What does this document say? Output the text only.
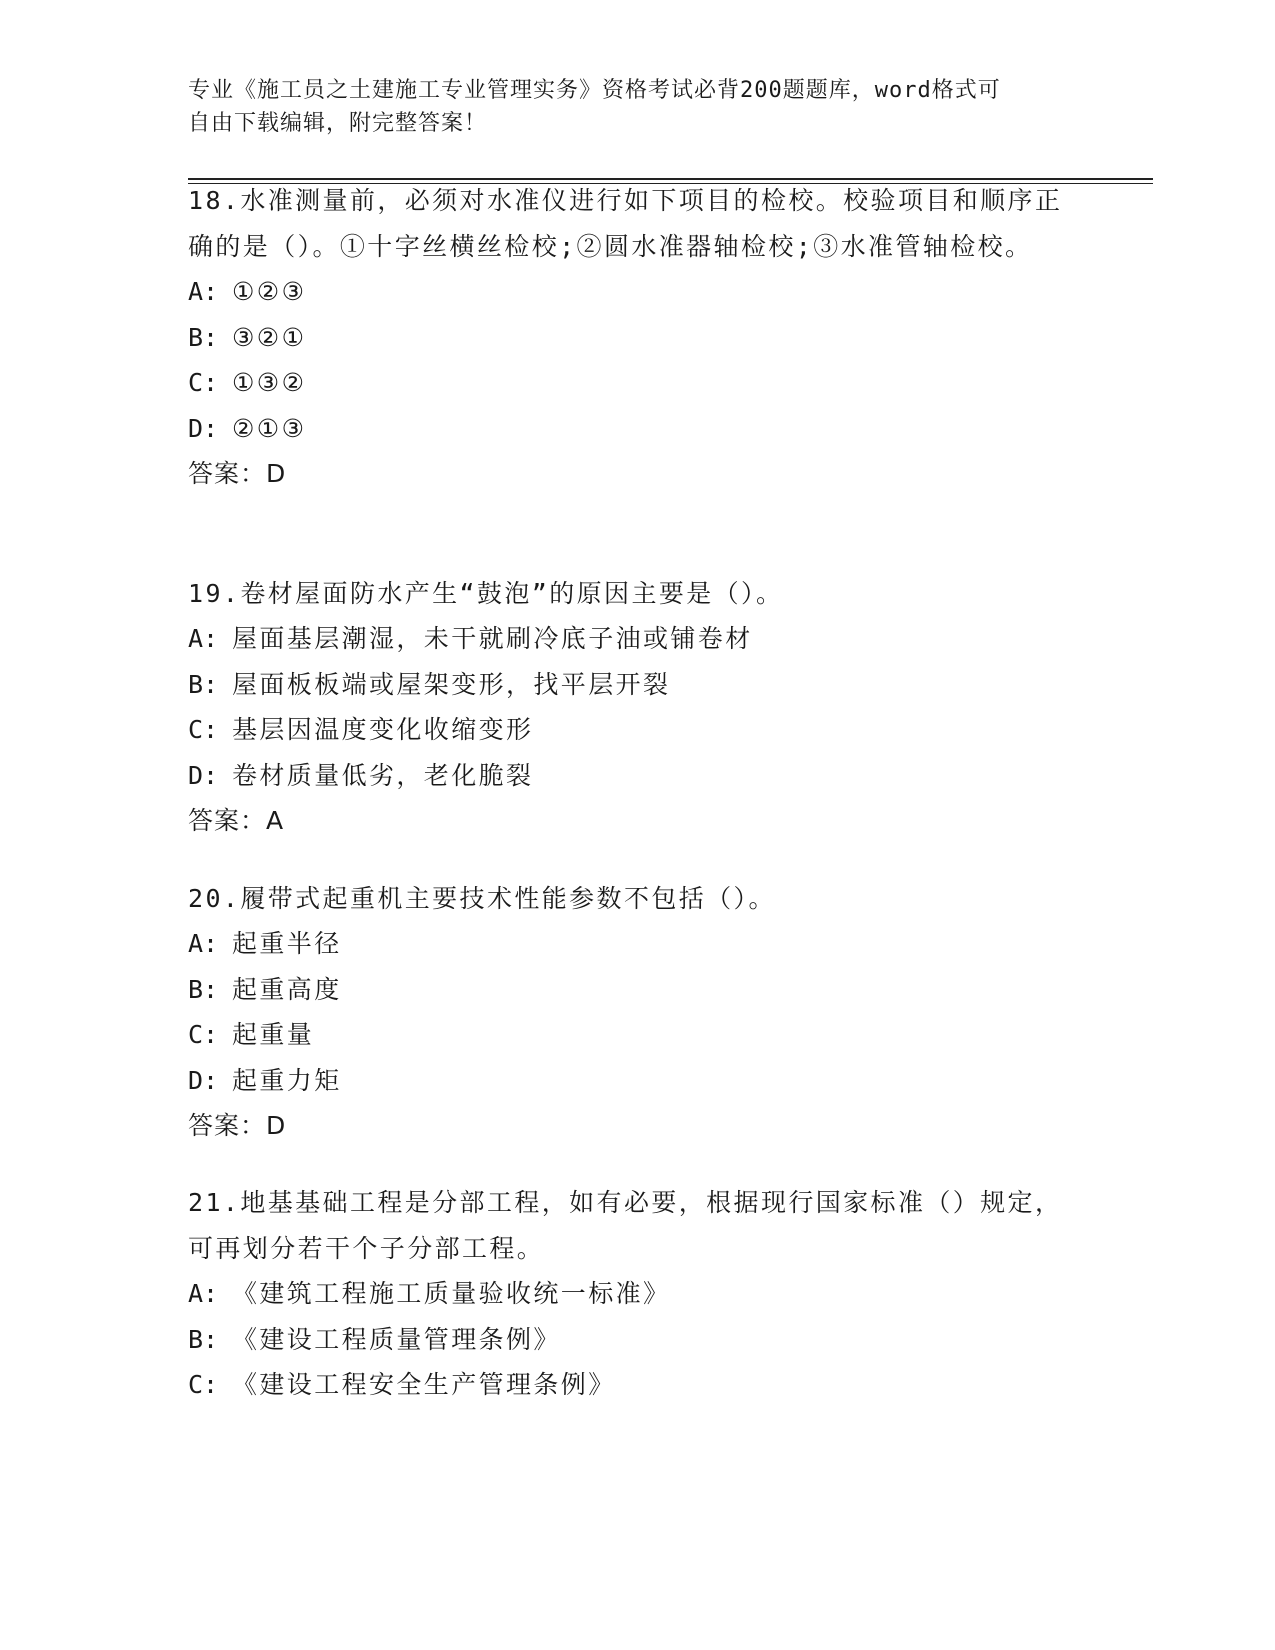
专业《施工员之土建施工专业管理实务》资格考试必背200题题库，word格式可
自由下载编辑，附完整答案！
18.水准测量前，必须对水准仪进行如下项目的检校。校验项目和顺序正确的是（）。①十字丝横丝检校;②圆水准器轴检校;③水准管轴检校。
A: ①②③
B: ③②①
C: ①③②
D: ②①③
答案：D
19.卷材屋面防水产生“鼓泡”的原因主要是（）。
A: 屋面基层潮湿，未干就刷冷底子油或铺卷材
B: 屋面板板端或屋架变形，找平层开裂
C: 基层因温度变化收缩变形
D: 卷材质量低劣，老化脆裂
答案：A
20.履带式起重机主要技术性能参数不包括（）。
A: 起重半径
B: 起重高度
C: 起重量
D: 起重力矩
答案：D
21.地基基础工程是分部工程，如有必要，根据现行国家标准（）规定，可再划分若干个子分部工程。
A: 《建筑工程施工质量验收统一标准》
B: 《建设工程质量管理条例》
C: 《建设工程安全生产管理条例》
